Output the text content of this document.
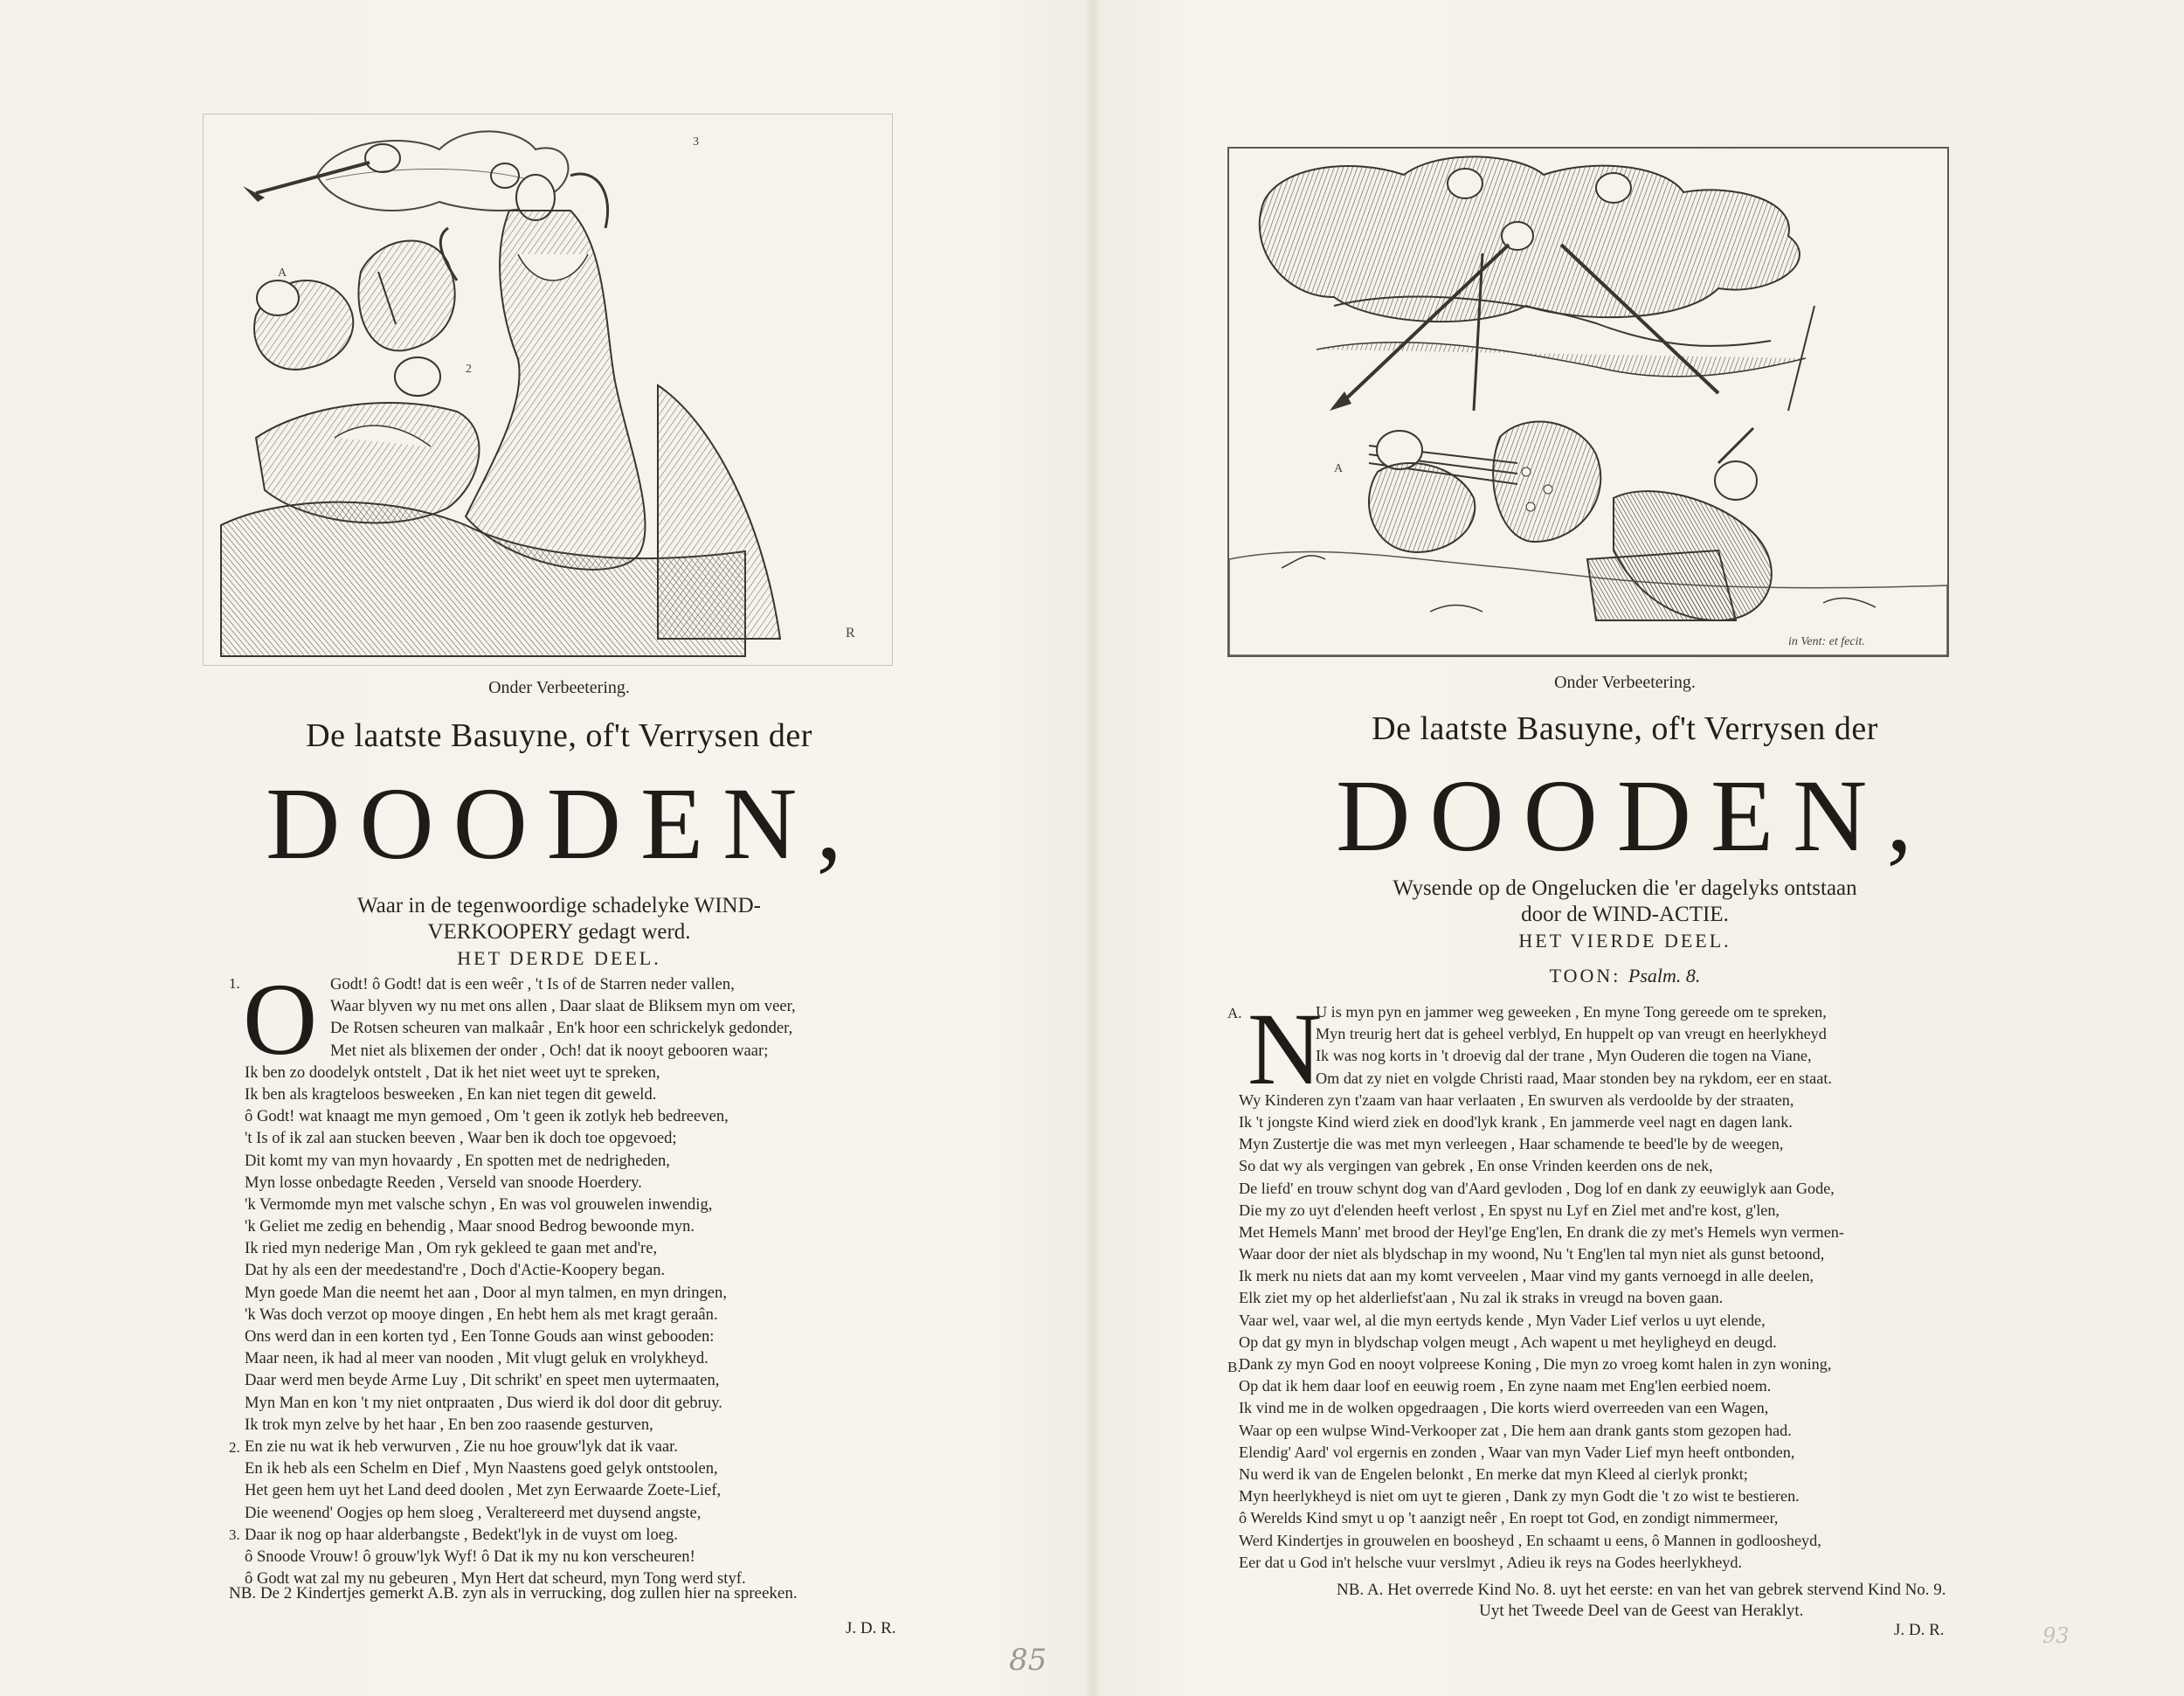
3
A
2
R
Onder Verbeetering.
De laatste Basuyne, of't Verrysen der
DOODEN,
Waar in de tegenwoordige schadelyke WIND-
VERKOOPERY gedagt werd.
HET DERDE DEEL.
1. O Godt! ô Godt! dat is een weêr , 't Is of de Starren neder vallen,
Waar blyven wy nu met ons allen , Daar slaat de Bliksem myn om veer,
De Rotsen scheuren van malkaâr , En'k hoor een schrickelyk gedonder,
Met niet als blixemen der onder , Och! dat ik nooyt gebooren waar;
Ik ben zo doodelyk ontstelt , Dat ik het niet weet uyt te spreken,
Ik ben als kragteloos besweeken , En kan niet tegen dit geweld.
ô Godt! wat knaagt me myn gemoed , Om 't geen ik zotlyk heb bedreeven,
't Is of ik zal aan stucken beeven , Waar ben ik doch toe opgevoed;
Dit komt my van myn hovaardy , En spotten met de nedrigheden,
Myn losse onbedagte Reeden , Verseld van snoode Hoerdery.
'k Vermomde myn met valsche schyn , En was vol grouwelen inwendig,
'k Geliet me zedig en behendig , Maar snood Bedrog bewoonde myn.
Ik ried myn nederige Man , Om ryk gekleed te gaan met and're,
Dat hy als een der meedestand're , Doch d'Actie-Koopery began.
Myn goede Man die neemt het aan , Door al myn talmen, en myn dringen,
'k Was doch verzot op mooye dingen , En hebt hem als met kragt geraân.
Ons werd dan in een korten tyd , Een Tonne Gouds aan winst gebooden:
Maar neen, ik had al meer van nooden , Mit vlugt geluk en vrolykheyd.
Daar werd men beyde Arme Luy , Dit schrikt' en speet men uytermaaten,
Myn Man en kon 't my niet ontpraaten , Dus wierd ik dol door dit gebruy.
Ik trok myn zelve by het haar , En ben zoo raasende gesturven,
En zie nu wat ik heb verwurven , Zie nu hoe grouw'lyk dat ik vaar.
En ik heb als een Schelm en Dief , Myn Naastens goed gelyk ontstoolen,
Het geen hem uyt het Land deed doolen , Met zyn Eerwaarde Zoete-Lief,
Die weenend' Oogjes op hem sloeg , Veraltereerd met duysend angste,
Daar ik nog op haar alderbangste , Bedekt'lyk in de vuyst om loeg.
ô Snoode Vrouw! ô grouw'lyk Wyf! ô Dat ik my nu kon verscheuren!
ô Godt wat zal my nu gebeuren , Myn Hert dat scheurd, myn Tong werd styf.
2.
3.
NB. De 2 Kindertjes gemerkt A.B. zyn als in verrucking, dog zullen hier na spreeken.
J. D. R.
85
A
in Vent: et fecit.
Onder Verbeetering.
De laatste Basuyne, of't Verrysen der
DOODEN,
Wysende op de Ongelucken die 'er dagelyks ontstaan
door de WIND-ACTIE.
HET VIERDE DEEL.
TOON: Psalm. 8.
A. N
U is myn pyn en jammer weg geweeken , En myne Tong gereede om te spreken,
Myn treurig hert dat is geheel verblyd, En huppelt op van vreugt en heerlykheyd
Ik was nog korts in 't droevig dal der trane , Myn Ouderen die togen na Viane,
Om dat zy niet en volgde Christi raad, Maar stonden bey na rykdom, eer en staat.
Wy Kinderen zyn t'zaam van haar verlaaten , En swurven als verdoolde by der straaten,
Ik 't jongste Kind wierd ziek en dood'lyk krank , En jammerde veel nagt en dagen lank.
Myn Zustertje die was met myn verleegen , Haar schamende te beed'le by de weegen,
So dat wy als vergingen van gebrek , En onse Vrinden keerden ons de nek,
De liefd' en trouw schynt dog van d'Aard gevloden , Dog lof en dank zy eeuwiglyk aan Gode,
Die my zo uyt d'elenden heeft verlost , En spyst nu Lyf en Ziel met and're kost, g'len,
Met Hemels Mann' met brood der Heyl'ge Eng'len, En drank die zy met's Hemels wyn vermen-
Waar door der niet als blydschap in my woond, Nu 't Eng'len tal myn niet als gunst betoond,
Ik merk nu niets dat aan my komt verveelen , Maar vind my gants vernoegd in alle deelen,
Elk ziet my op het alderliefst'aan , Nu zal ik straks in vreugd na boven gaan.
Vaar wel, vaar wel, al die myn eertyds kende , Myn Vader Lief verlos u uyt elende,
Op dat gy myn in blydschap volgen meugt , Ach wapent u met heyligheyd en deugd.
Dank zy myn God en nooyt volpreese Koning , Die myn zo vroeg komt halen in zyn woning,
Op dat ik hem daar loof en eeuwig roem , En zyne naam met Eng'len eerbied noem.
Ik vind me in de wolken opgedraagen , Die korts wierd overreeden van een Wagen,
Waar op een wulpse Wind-Verkooper zat , Die hem aan drank gants stom gezopen had.
Elendig' Aard' vol ergernis en zonden , Waar van myn Vader Lief myn heeft ontbonden,
Nu werd ik van de Engelen belonkt , En merke dat myn Kleed al cierlyk pronkt;
Myn heerlykheyd is niet om uyt te gieren , Dank zy myn Godt die 't zo wist te bestieren.
ô Werelds Kind smyt u op 't aanzigt neêr , En roept tot God, en zondigt nimmermeer,
Werd Kindertjes in grouwelen en boosheyd , En schaamt u eens, ô Mannen in godloosheyd,
Eer dat u God in't helsche vuur verslmyt , Adieu ik reys na Godes heerlykheyd.
B.
NB. A. Het overrede Kind No. 8. uyt het eerste: en van het van gebrek stervend Kind No. 9.
Uyt het Tweede Deel van de Geest van Heraklyt.
J. D. R.	93
